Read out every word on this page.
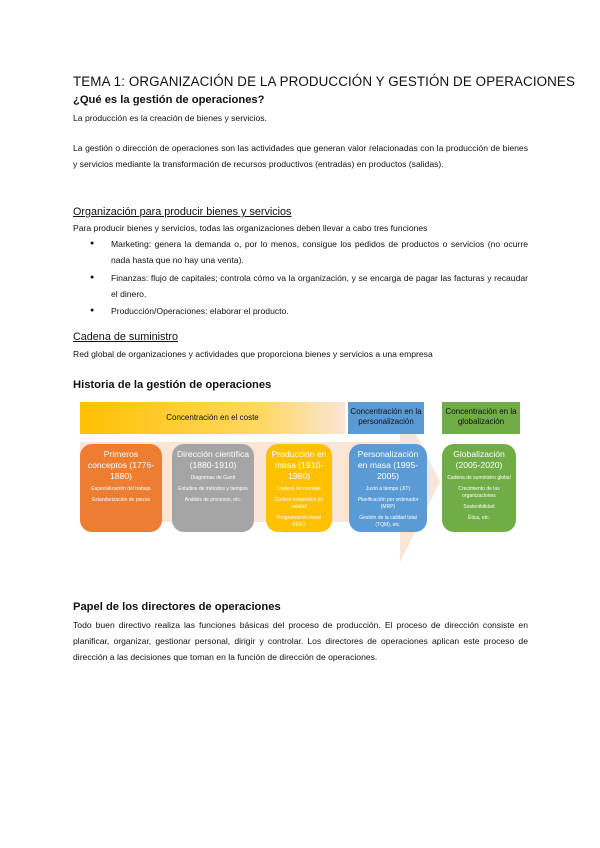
TEMA 1: ORGANIZACIÓN DE LA PRODUCCIÓN Y GESTIÓN DE OPERACIONES
¿Qué es la gestión de operaciones?
La producción es la creación de bienes y servicios.
La gestión o dirección de operaciones son las actividades que generan valor relacionadas con la producción de bienes y servicios mediante la transformación de recursos productivos (entradas) en productos (salidas).
Organización para producir bienes y servicios
Para producir bienes y servicios, todas las organizaciones deben llevar a cabo tres funciones
● Marketing: genera la demanda o, por lo menos, consigue los pedidos de productos o servicios (no ocurre nada hasta que no hay una venta).
● Finanzas: flujo de capitales; controla cómo va la organización, y se encarga de pagar las facturas y recaudar el dinero.
● Producción/Operaciones: elaborar el producto.
Cadena de suministro
Red global de organizaciones y actividades que proporciona bienes y servicios a una empresa
Historia de la gestión de operaciones
Concentración en el coste
Concentración en la personalización
Concentración en la globalización
Primeros conceptos (1776-1880)
Especialización del trabajo
Estandarización de piezas
Dirección científica (1880-1910)
Diagramas de Gantt
Estudios de métodos y tiempos
Análisis de procesos, etc.
Producción en masa (1910-1980)
Cadena de montaje
Control estadístico de calidad
Programación lineal PERT
Personalización en masa (1995-2005)
Justo a tiempo (JIT)
Planificación por ordenador (MRP)
Gestión de la calidad total (TQM), etc.
Globalización (2005-2020)
Cadena de suministro global
Crecimiento de las organizaciones
Sostenibilidad
Ética, etc.
Papel de los directores de operaciones
Todo buen directivo realiza las funciones básicas del proceso de producción. El proceso de dirección consiste en planificar, organizar, gestionar personal, dirigir y controlar. Los directores de operaciones aplican este proceso de dirección a las decisiones que toman en la función de dirección de operaciones.
